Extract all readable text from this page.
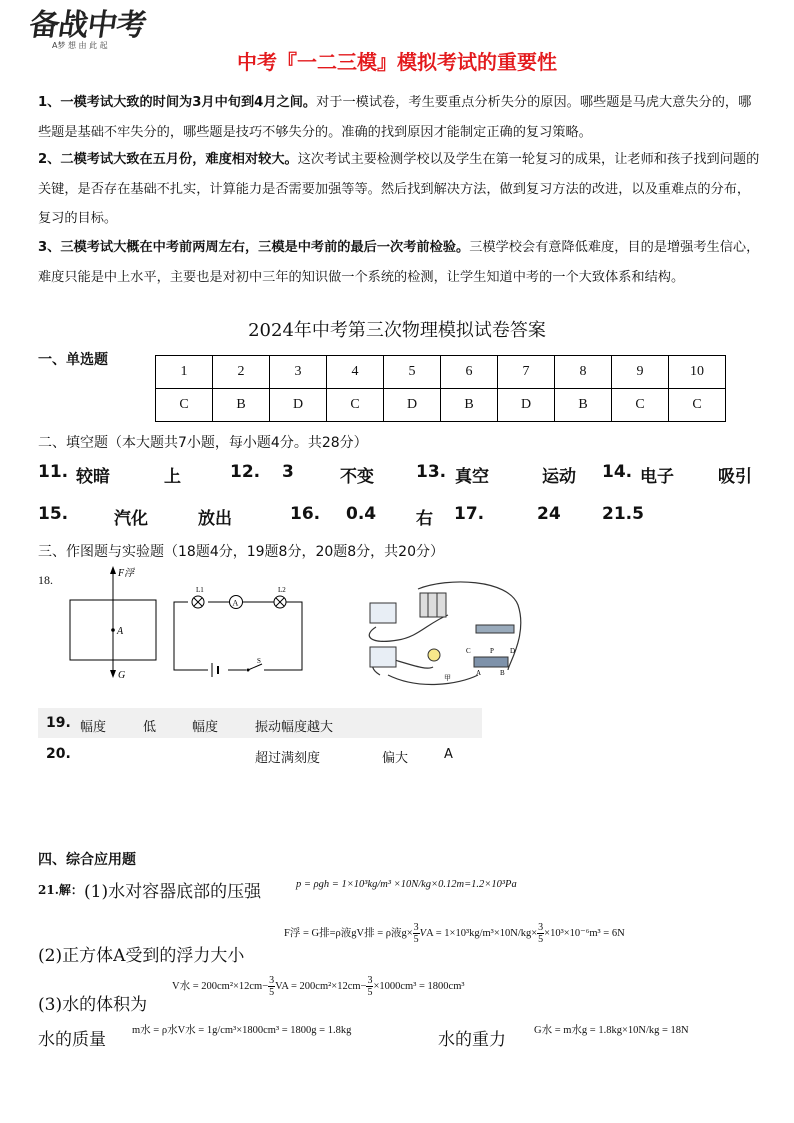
备战中考
A梦 想 由 此 起
中考『一二三模』模拟考试的重要性
1、一模考试大致的时间为3月中旬到4月之间。对于一模试卷，考生要重点分析失分的原因。哪些题是马虎大意失分的，哪些题是基础不牢失分的，哪些题是技巧不够失分的。准确的找到原因才能制定正确的复习策略。
2、二模考试大致在五月份，难度相对较大。这次考试主要检测学校以及学生在第一轮复习的成果，让老师和孩子找到问题的关键，是否存在基础不扎实，计算能力是否需要加强等等。然后找到解决方法，做到复习方法的改进，以及重难点的分布，复习的目标。
3、三模考试大概在中考前两周左右，三模是中考前的最后一次考前检验。三模学校会有意降低难度，目的是增强考生信心，难度只能是中上水平，主要也是对初中三年的知识做一个系统的检测，让学生知道中考的一个大致体系和结构。
2024年中考第三次物理模拟试卷答案
一、单选题
1	2	3	4	5	6	7	8	9	10
C	B	D	C	D	B	D	B	C	C
二、填空题（本大题共7小题，每小题4分。共28分）
11. 较暗	上	12. 3	不变 13. 真空	运动 14. 电子	吸引
15.	汽化	放出	16. 0.4 右 17.	24 21.5
三、作图题与实验题（18题4分，19题8分，20题8分，共20分）
18.	F浮
A
G
A
L1	L2
S
C	P D
A	B
甲
19. 幅度	低	幅度	振动幅度越大
20.	超过满刻度	偏大	A
四、综合应用题
21.解： (1)水对容器底部的压强	p = ρgh = 1×10³kg/m³ ×10N/kg×0.12m=1.2×10³Pa
(2)正方体A受到的浮力大小
F浮 = G排=ρ液gV排 = ρ液$g\times \frac{3}{5}$ VA = $1\times 10^3kg/m^3\times 10N/kg\times \frac{3}{5} \times 10^3\times 10^{-6}m^3 = 6N$
(3)水的体积为
V水 = $200cm^2\times 12cm- \frac{3}{5}$ VA = $200cm^2\times 12cm- \frac{3}{5} \times 1000cm^3 = 1800cm^3$
水的质量 m水 = ρ水V水 = 1g/cm³×1800cm³ = 1800g = 1.8kg	水的重力	G水 = m水g = 1.8kg×10N/kg = 18N
